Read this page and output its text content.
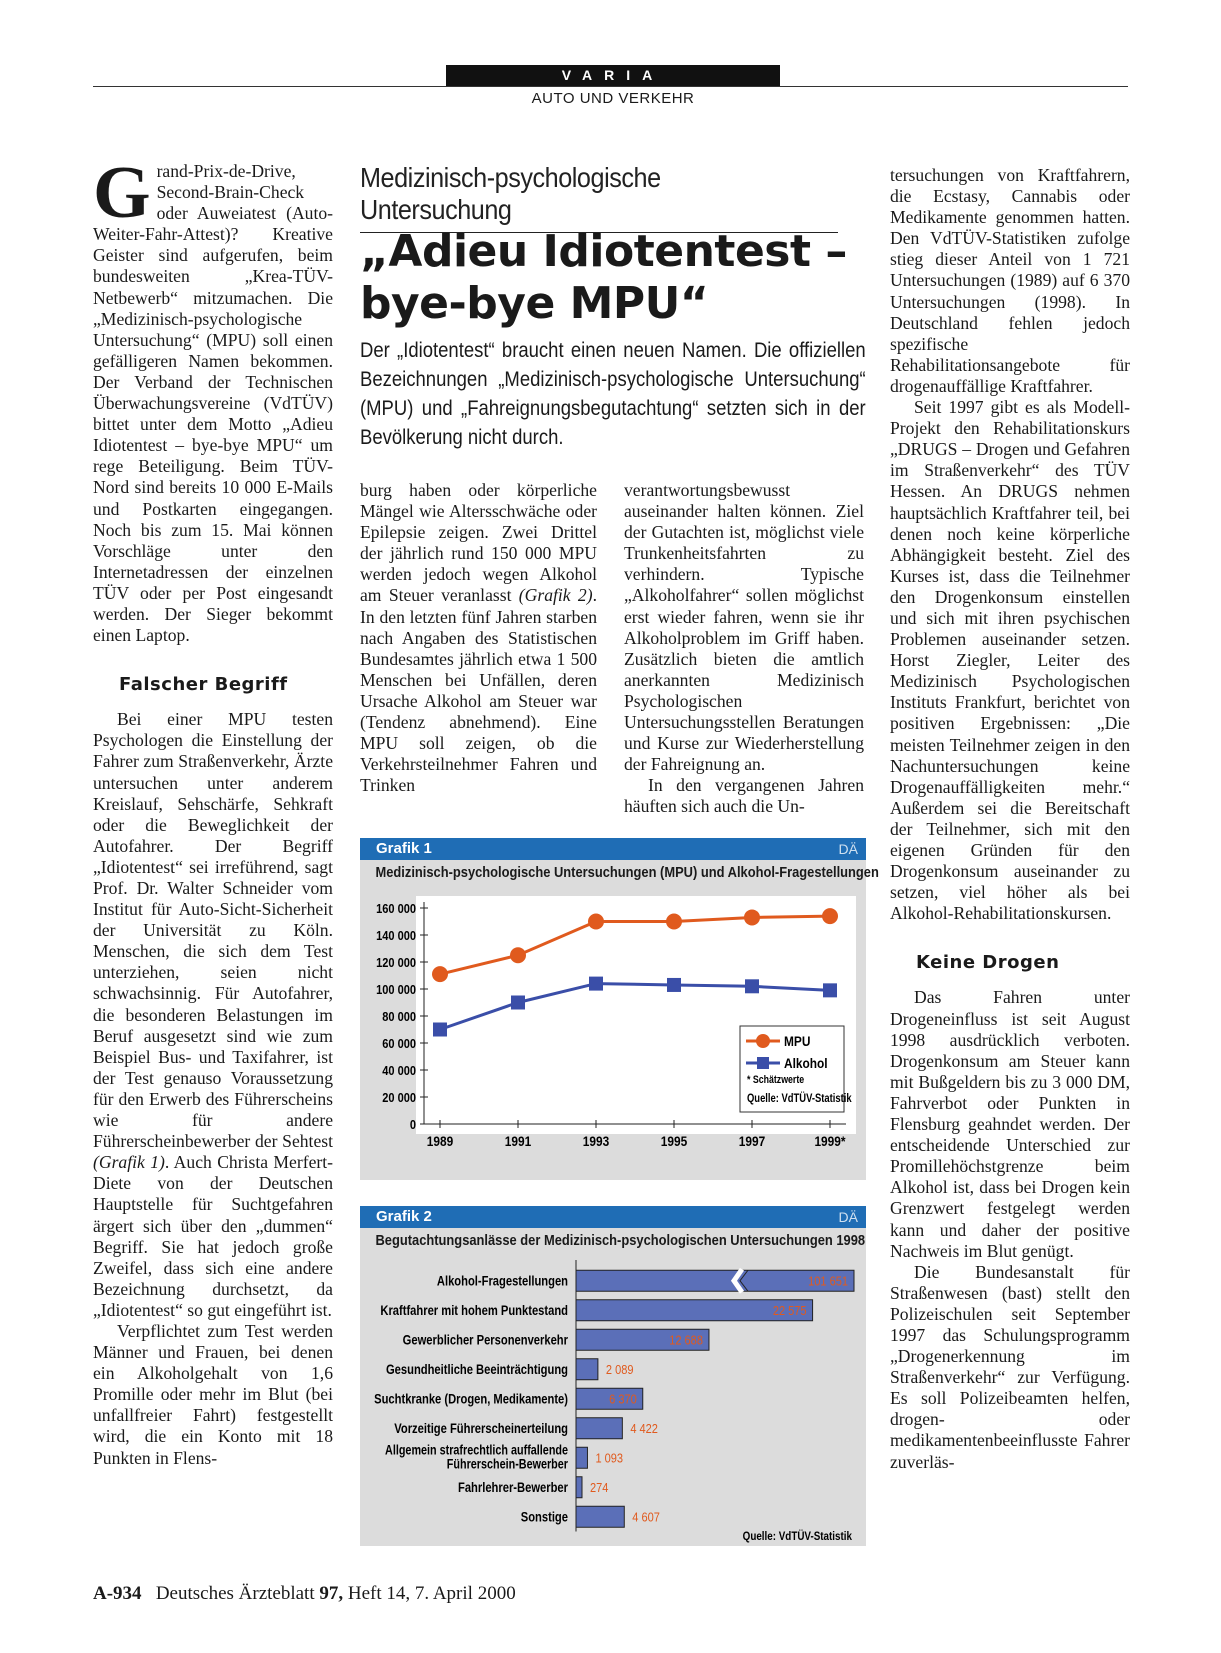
VARIA
AUTO UND VERKEHR

Grand-Prix-de-Drive, Second-Brain-Check oder Auweiatest (Auto-Weiter-Fahr-Attest)? Kreative Geister sind aufgerufen, beim bundesweiten „Krea-TÜV-Netbewerb“ mitzumachen. Die „Medizinisch-psychologische Untersuchung“ (MPU) soll einen gefälligeren Namen bekommen. Der Verband der Technischen Überwachungsvereine (VdTÜV) bittet unter dem Motto „Adieu Idiotentest – bye-bye MPU“ um rege Beteiligung. Beim TÜV-Nord sind bereits 10 000 E-Mails und Postkarten eingegangen. Noch bis zum 15. Mai können Vorschläge unter den Internetadressen der einzelnen TÜV oder per Post eingesandt werden. Der Sieger bekommt einen Laptop.

Falscher Begriff

Bei einer MPU testen Psychologen die Einstellung der Fahrer zum Straßenverkehr, Ärzte untersuchen unter anderem Kreislauf, Sehschärfe, Sehkraft oder die Beweglichkeit der Autofahrer. Der Begriff „Idiotentest“ sei irreführend, sagt Prof. Dr. Walter Schneider vom Institut für Auto-Sicht-Sicherheit der Universität zu Köln. Menschen, die sich dem Test unterziehen, seien nicht schwachsinnig. Für Autofahrer, die besonderen Belastungen im Beruf ausgesetzt sind wie zum Beispiel Bus- und Taxifahrer, ist der Test genauso Voraussetzung für den Erwerb des Führerscheins wie für andere Führerscheinbewerber der Sehtest (Grafik 1). Auch Christa Merfert-Diete von der Deutschen Hauptstelle für Suchtgefahren ärgert sich über den „dummen“ Begriff. Sie hat jedoch große Zweifel, dass sich eine andere Bezeichnung durchsetzt, da „Idiotentest“ so gut eingeführt ist.

Verpflichtet zum Test werden Männer und Frauen, bei denen ein Alkoholgehalt von 1,6 Promille oder mehr im Blut (bei unfallfreier Fahrt) festgestellt wird, die ein Konto mit 18 Punkten in Flens-

Medizinisch-psychologische Untersuchung
„Adieu Idiotentest –
bye-bye MPU“
Der „Idiotentest“ braucht einen neuen Namen. Die offiziellen Bezeichnungen „Medizinisch-psychologische Untersuchung“ (MPU) und „Fahreignungsbegutachtung“ setzten sich in der Bevölkerung nicht durch.

burg haben oder körperliche Mängel wie Altersschwäche oder Epilepsie zeigen. Zwei Drittel der jährlich rund 150 000 MPU werden jedoch wegen Alkohol am Steuer veranlasst (Grafik 2). In den letzten fünf Jahren starben nach Angaben des Statistischen Bundesamtes jährlich etwa 1 500 Menschen bei Unfällen, deren Ursache Alkohol am Steuer war (Tendenz abnehmend). Eine MPU soll zeigen, ob die Verkehrsteilnehmer Fahren und Trinken

verantwortungsbewusst auseinander halten können. Ziel der Gutachten ist, möglichst viele Trunkenheitsfahrten zu verhindern. Typische „Alkoholfahrer“ sollen möglichst erst wieder fahren, wenn sie ihr Alkoholproblem im Griff haben. Zusätzlich bieten die amtlich anerkannten Medizinisch Psychologischen Untersuchungsstellen Beratungen und Kurse zur Wiederherstellung der Fahreignung an.

In den vergangenen Jahren häuften sich auch die Un-

tersuchungen von Kraftfahrern, die Ecstasy, Cannabis oder Medikamente genommen hatten. Den VdTÜV-Statistiken zufolge stieg dieser Anteil von 1 721 Untersuchungen (1989) auf 6 370 Untersuchungen (1998). In Deutschland fehlen jedoch spezifische Rehabilitationsangebote für drogenauffällige Kraftfahrer.

Seit 1997 gibt es als Modell-Projekt den Rehabilitationskurs „DRUGS – Drogen und Gefahren im Straßenverkehr“ des TÜV Hessen. An DRUGS nehmen hauptsächlich Kraftfahrer teil, bei denen noch keine körperliche Abhängigkeit besteht. Ziel des Kurses ist, dass die Teilnehmer den Drogenkonsum einstellen und sich mit ihren psychischen Problemen auseinander setzen. Horst Ziegler, Leiter des Medizinisch Psychologischen Instituts Frankfurt, berichtet von positiven Ergebnissen: „Die meisten Teilnehmer zeigen in den Nachuntersuchungen keine Drogenauffälligkeiten mehr.“ Außerdem sei die Bereitschaft der Teilnehmer, sich mit den eigenen Gründen für den Drogenkonsum auseinander zu setzen, viel höher als bei Alkohol-Rehabilitationskursen.

Keine Drogen

Das Fahren unter Drogeneinfluss ist seit August 1998 ausdrücklich verboten. Drogenkonsum am Steuer kann mit Bußgeldern bis zu 3 000 DM, Fahrverbot oder Punkten in Flensburg geahndet werden. Der entscheidende Unterschied zur Promillehöchstgrenze beim Alkohol ist, dass bei Drogen kein Grenzwert festgelegt werden kann und daher der positive Nachweis im Blut genügt.

Die Bundesanstalt für Straßenwesen (bast) stellt den Polizeischulen seit September 1997 das Schulungsprogramm „Drogenerkennung im Straßenverkehr“ zur Verfügung. Es soll Polizeibeamten helfen, drogen- oder medikamentenbeeinflusste Fahrer zuverläs-

Grafik 1	DÄ
Medizinisch-psychologische Untersuchungen (MPU) und Alkohol-Fragestellungen
0
20 000
40 000
60 000
80 000
100 000
120 000
140 000
160 000
1989	1991	1993	1995	1997	1999*
MPU
Alkohol
* Schätzwerte
Quelle: VdTÜV-Statistik
Grafik 2	DÄ
Begutachtungsanlässe der Medizinisch-psychologischen Untersuchungen 1998
101 651
Alkohol-Fragestellungen
22 575
Kraftfahrer mit hohem Punktestand
12 688
Gewerblicher Personenverkehr
2 089
Gesundheitliche Beeinträchtigung
6 370
Suchtkranke (Drogen, Medikamente)
4 422
Vorzeitige Führerscheinerteilung
1 093
Allgemein strafrechtlich auffallende
Führerschein-Bewerber
274
Fahrlehrer-Bewerber
4 607
Sonstige
Quelle: VdTÜV-Statistik
A-934 Deutsches Ärzteblatt 97, Heft 14, 7. April 2000
